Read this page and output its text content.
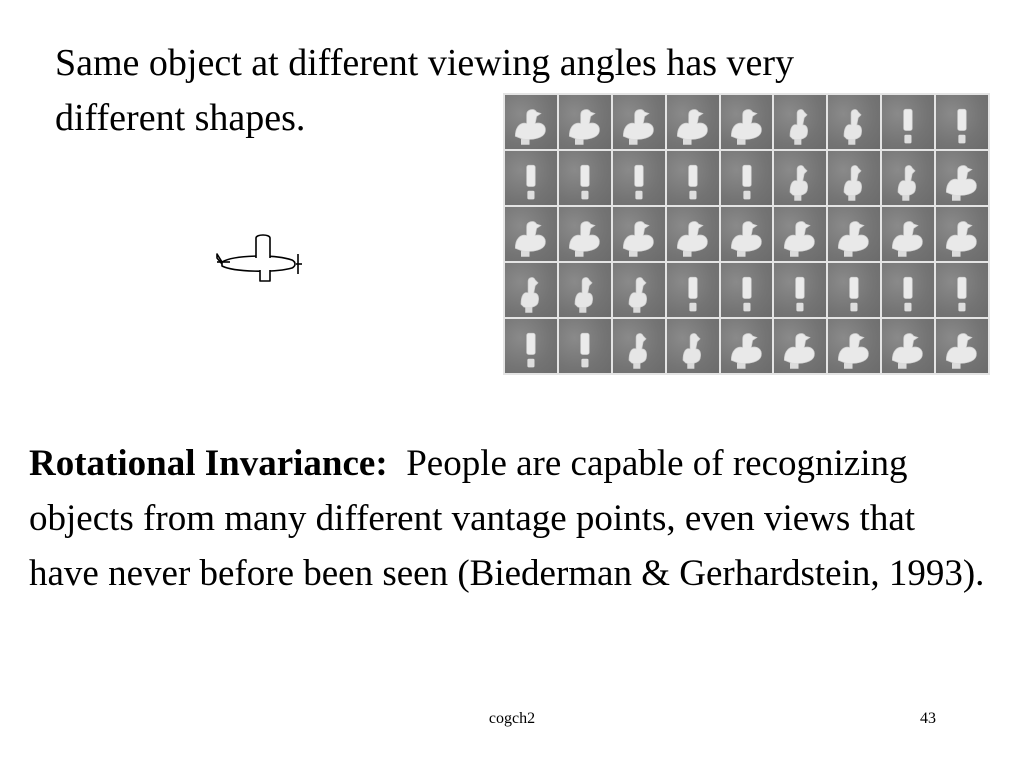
Same object at different viewing angles has very different shapes.

Rotational Invariance: People are capable of recognizing objects from many different vantage points, even views that have never before been seen (Biederman & Gerhardstein, 1993).

cogch2	43
